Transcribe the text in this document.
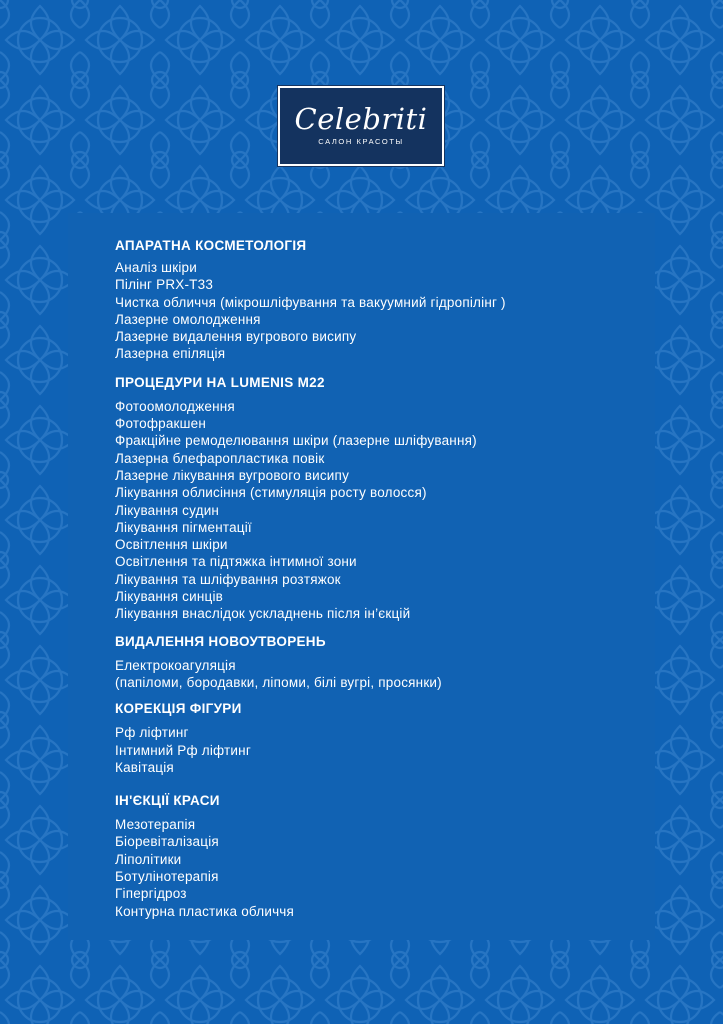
Celebriti
САЛОН КРАСОТЫ
АПАРАТНА КОСМЕТОЛОГІЯ
Аналіз шкіри
Пілінг PRX-T33
Чистка обличчя (мікрошліфування та вакуумний гідропілінг )
Лазерне омолодження
Лазерне видалення вугрового висипу
Лазерна епіляція
ПРОЦЕДУРИ НА LUMENIS M22
Фотоомолодження
Фотофракшен
Фракційне ремоделювання шкіри (лазерне шліфування)
Лазерна блефаропластика повік
Лазерне лікування вугрового висипу
Лікування облисіння (стимуляція росту волосся)
Лікування судин
Лікування пігментації
Освітлення шкіри
Освітлення та підтяжка інтимної зони
Лікування та шліфування розтяжок
Лікування синців
Лікування внаслідок ускладнень після ін’єкцій
ВИДАЛЕННЯ НОВОУТВОРЕНЬ
Електрокоагуляція
(папіломи, бородавки, ліпоми, білі вугрі, просянки)
КОРЕКЦІЯ ФІГУРИ
Рф ліфтинг
Інтимний Рф ліфтинг
Кавітація
ІН'ЄКЦІЇ КРАСИ
Мезотерапія
Біоревіталізація
Ліполітики
Ботулінотерапія
Гіпергідроз
Контурна пластика обличчя
